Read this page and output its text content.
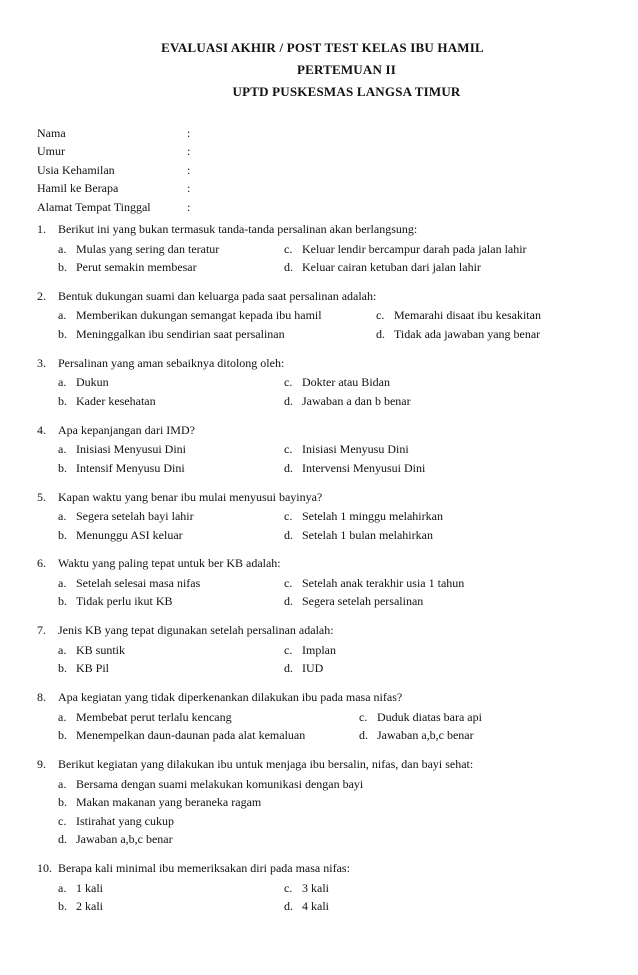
EVALUASI AKHIR / POST TEST KELAS IBU HAMIL
PERTEMUAN II
UPTD PUSKESMAS LANGSA TIMUR
Nama	:
Umur	:
Usia Kehamilan	:
Hamil ke Berapa	:
Alamat Tempat Tinggal	:
1. Berikut ini yang bukan termasuk tanda-tanda persalinan akan berlangsung:
a. Mulas yang sering dan teratur	c. Keluar lendir bercampur darah pada jalan lahir
b. Perut semakin membesar	d. Keluar cairan ketuban dari jalan lahir
2. Bentuk dukungan suami dan keluarga pada saat persalinan adalah:
a. Memberikan dukungan semangat kepada ibu hamil	c. Memarahi disaat ibu kesakitan
b. Meninggalkan ibu sendirian saat persalinan	d. Tidak ada jawaban yang benar
3. Persalinan yang aman sebaiknya ditolong oleh:
a. Dukun	c. Dokter atau Bidan
b. Kader kesehatan	d. Jawaban a dan b benar
4. Apa kepanjangan dari IMD?
a. Inisiasi Menyusui Dini	c. Inisiasi Menyusu Dini
b. Intensif Menyusu Dini	d. Intervensi Menyusui Dini
5. Kapan waktu yang benar ibu mulai menyusui bayinya?
a. Segera setelah bayi lahir	c. Setelah 1 minggu melahirkan
b. Menunggu ASI keluar	d. Setelah 1 bulan melahirkan
6. Waktu yang paling tepat untuk ber KB adalah:
a. Setelah selesai masa nifas	c. Setelah anak terakhir usia 1 tahun
b. Tidak perlu ikut KB	d. Segera setelah persalinan
7. Jenis KB yang tepat digunakan setelah persalinan adalah:
a. KB suntik	c. Implan
b. KB Pil	d. IUD
8. Apa kegiatan yang tidak diperkenankan dilakukan ibu pada masa nifas?
a. Membebat perut terlalu kencang	c. Duduk diatas bara api
b. Menempelkan daun-daunan pada alat kemaluan	d. Jawaban a,b,c benar
9. Berikut kegiatan yang dilakukan ibu untuk menjaga ibu bersalin, nifas, dan bayi sehat:
a. Bersama dengan suami melakukan komunikasi dengan bayi
b. Makan makanan yang beraneka ragam
c. Istirahat yang cukup
d. Jawaban a,b,c benar
10. Berapa kali minimal ibu memeriksakan diri pada masa nifas:
a. 1 kali	c. 3 kali
b. 2 kali	d. 4 kali
